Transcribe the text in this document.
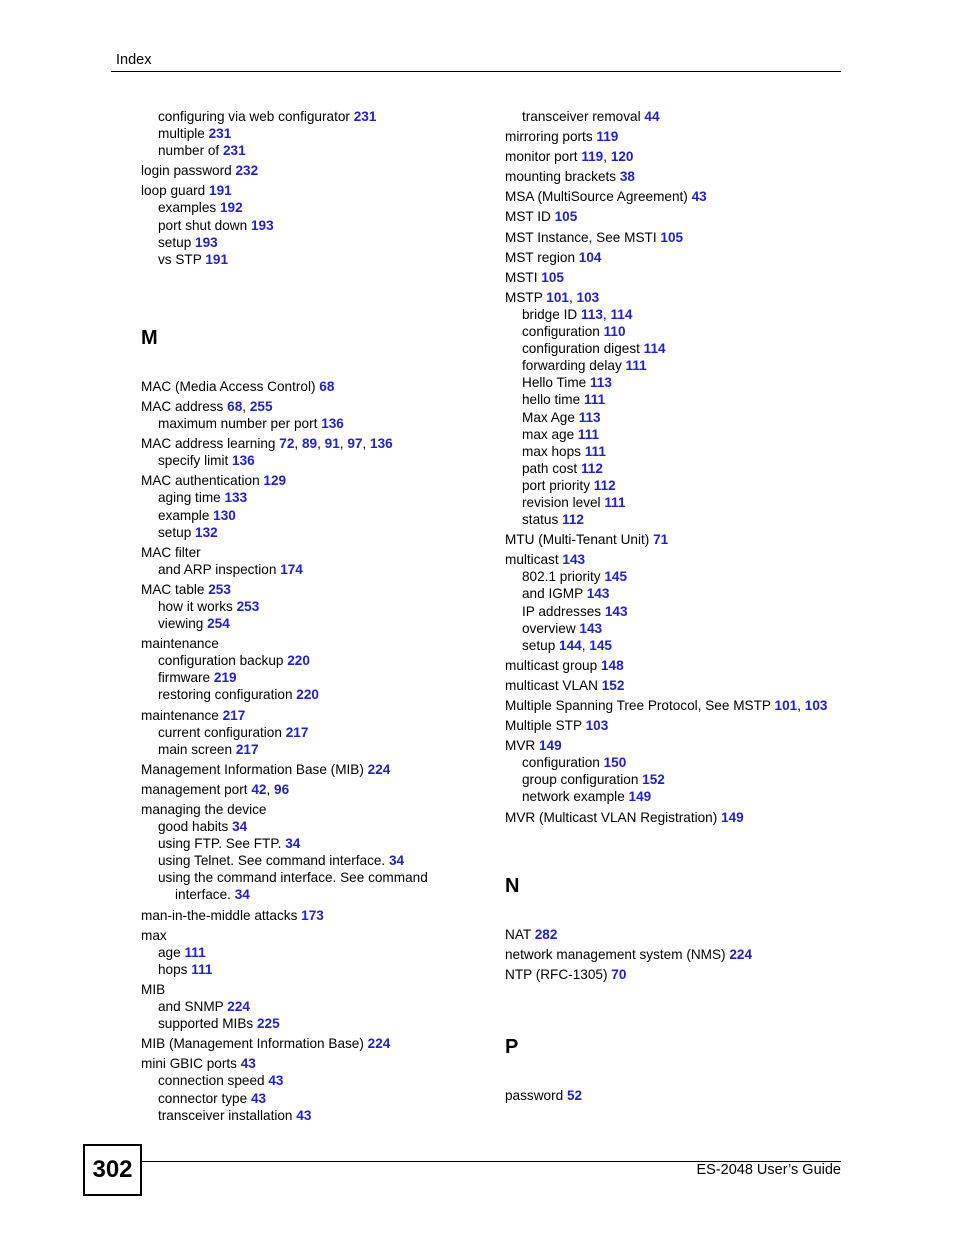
Index
configuring via web configurator 231
multiple 231
number of 231
login password 232
loop guard 191
examples 192
port shut down 193
setup 193
vs STP 191
M
MAC (Media Access Control) 68
MAC address 68, 255
maximum number per port 136
MAC address learning 72, 89, 91, 97, 136
specify limit 136
MAC authentication 129
aging time 133
example 130
setup 132
MAC filter
and ARP inspection 174
MAC table 253
how it works 253
viewing 254
maintenance
configuration backup 220
firmware 219
restoring configuration 220
maintenance 217
current configuration 217
main screen 217
Management Information Base (MIB) 224
management port 42, 96
managing the device
good habits 34
using FTP. See FTP. 34
using Telnet. See command interface. 34
using the command interface. See command
interface. 34
man-in-the-middle attacks 173
max
age 111
hops 111
MIB
and SNMP 224
supported MIBs 225
MIB (Management Information Base) 224
mini GBIC ports 43
connection speed 43
connector type 43
transceiver installation 43
transceiver removal 44
mirroring ports 119
monitor port 119, 120
mounting brackets 38
MSA (MultiSource Agreement) 43
MST ID 105
MST Instance, See MSTI 105
MST region 104
MSTI 105
MSTP 101, 103
bridge ID 113, 114
configuration 110
configuration digest 114
forwarding delay 111
Hello Time 113
hello time 111
Max Age 113
max age 111
max hops 111
path cost 112
port priority 112
revision level 111
status 112
MTU (Multi-Tenant Unit) 71
multicast 143
802.1 priority 145
and IGMP 143
IP addresses 143
overview 143
setup 144, 145
multicast group 148
multicast VLAN 152
Multiple Spanning Tree Protocol, See MSTP 101, 103
Multiple STP 103
MVR 149
configuration 150
group configuration 152
network example 149
MVR (Multicast VLAN Registration) 149
N
NAT 282
network management system (NMS) 224
NTP (RFC-1305) 70
P
password 52
302	ES-2048 User’s Guide
